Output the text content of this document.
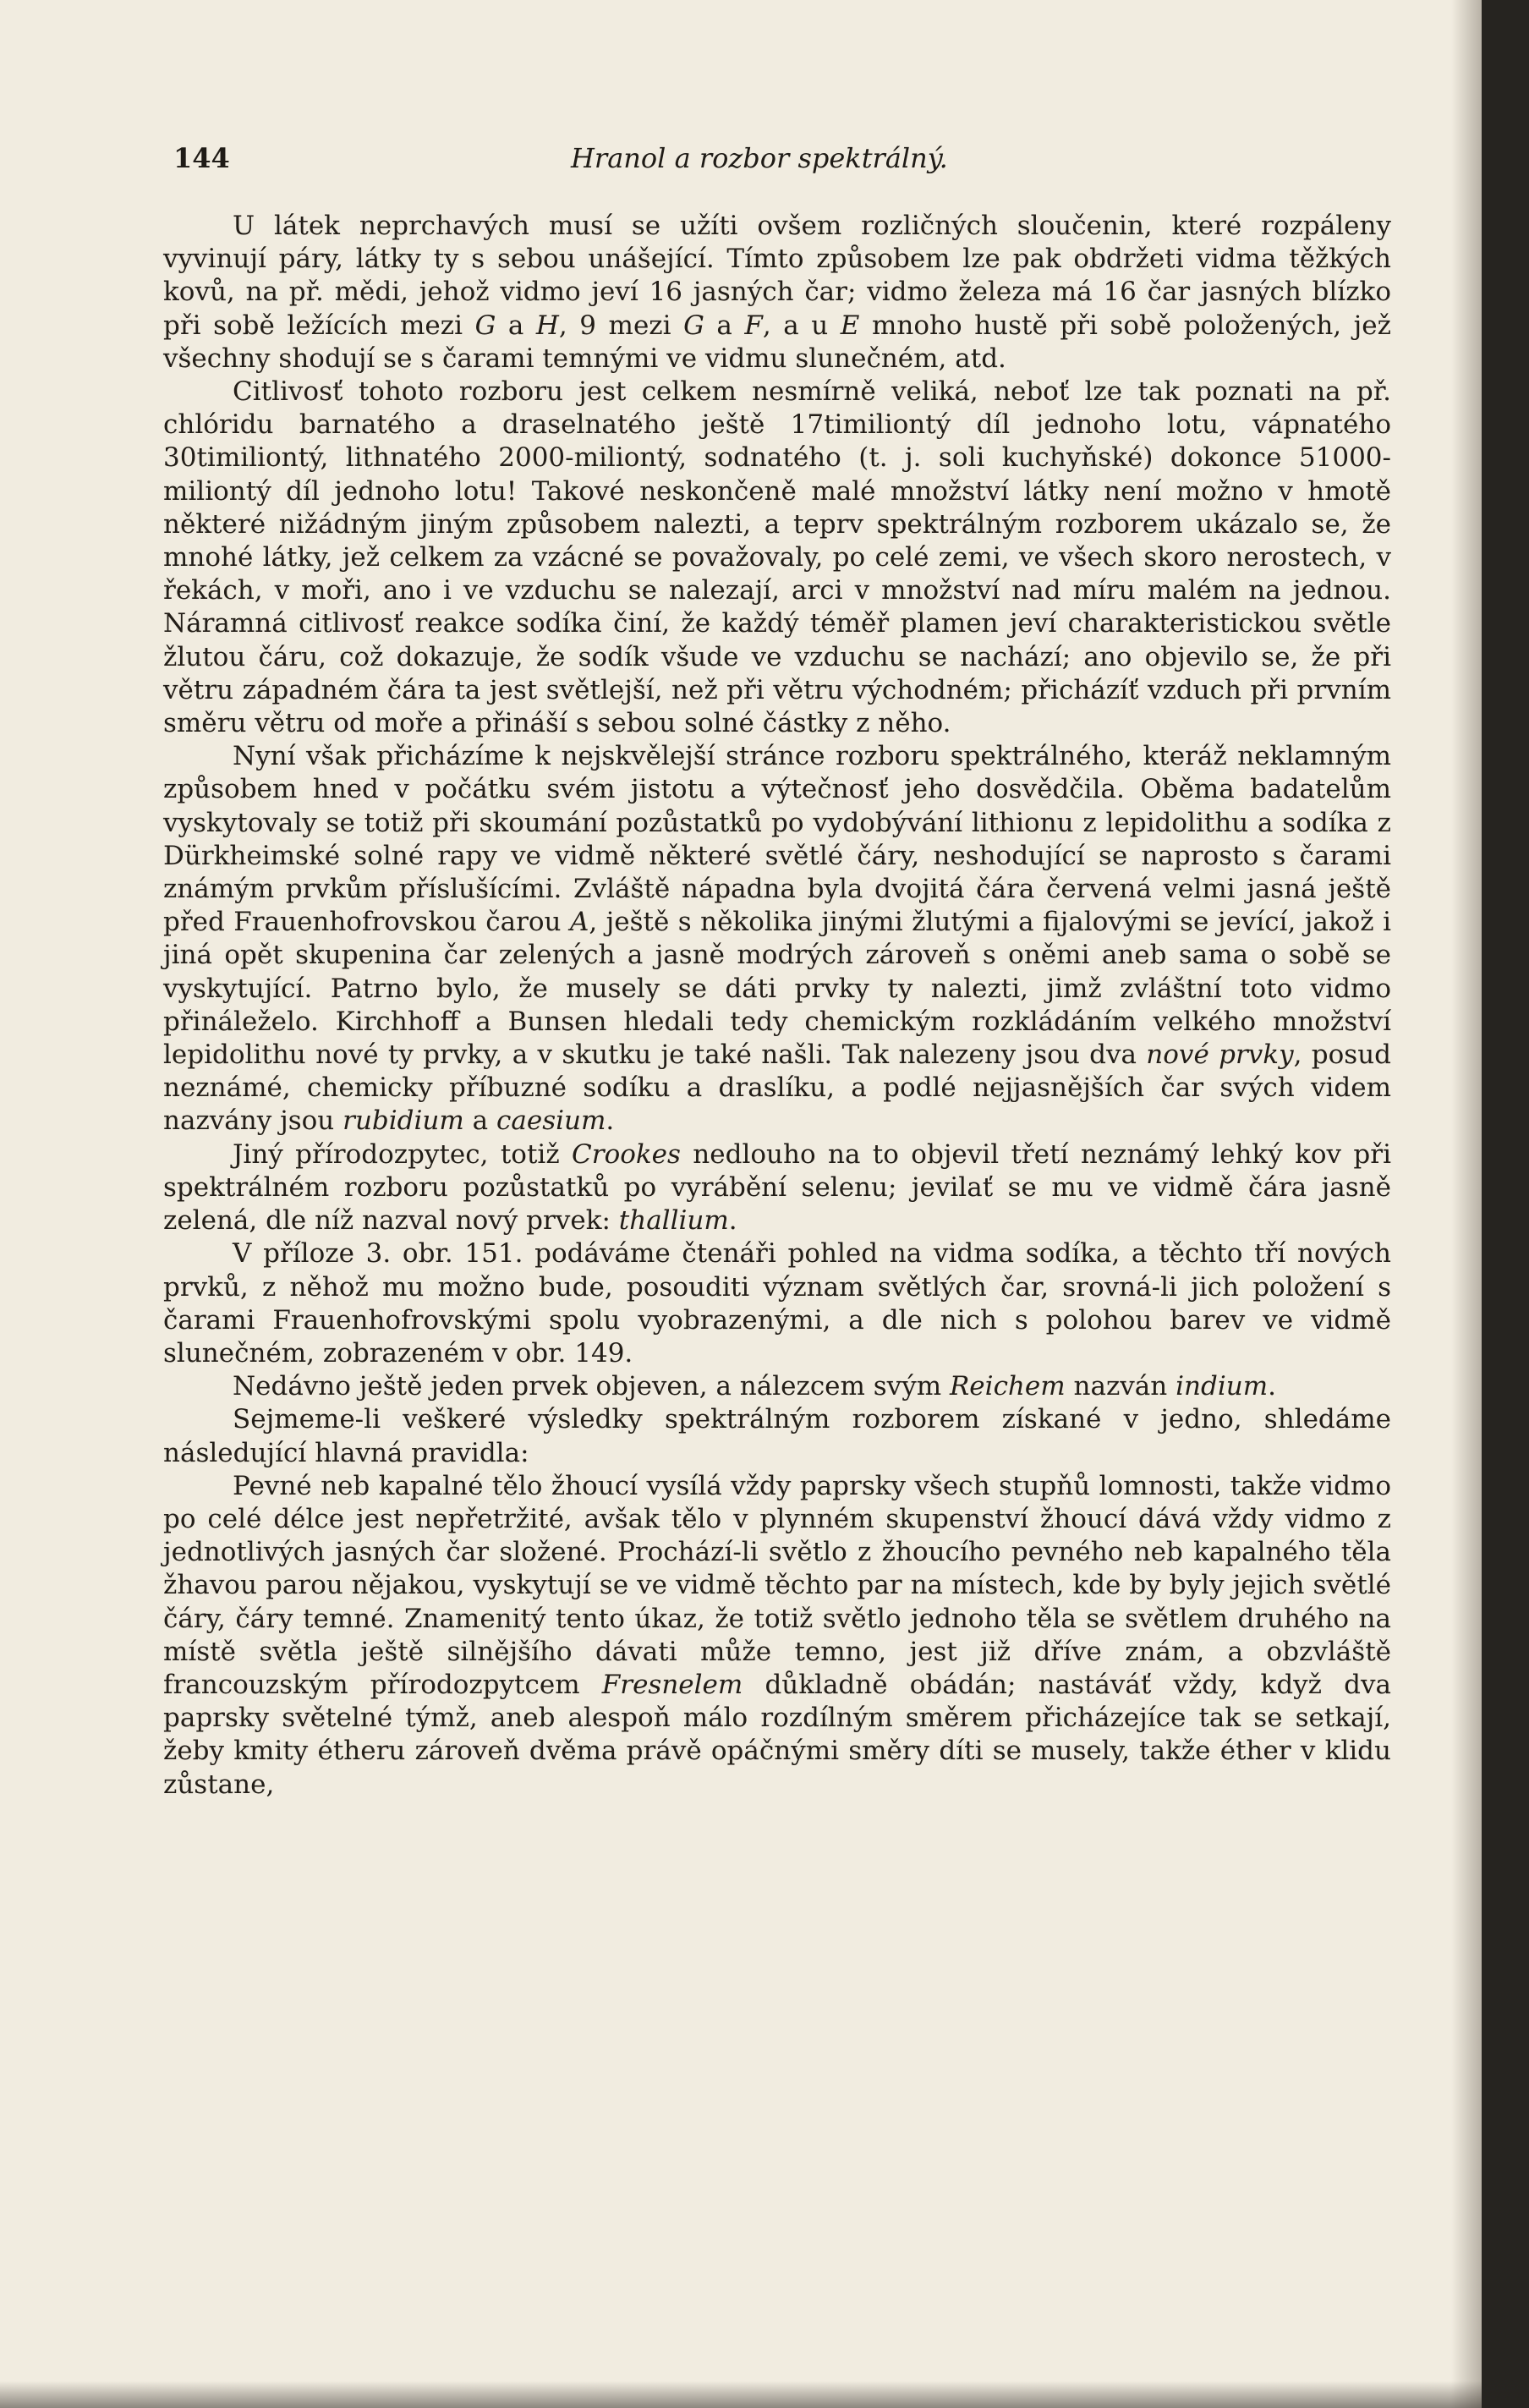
144	Hranol a rozbor spektrálný.

U látek neprchavých musí se užíti ovšem rozličných sloučenin, které rozpáleny vyvinují páry, látky ty s sebou unášející. Tímto způsobem lze pak obdržeti vidma těžkých kovů, na př. mědi, jehož vidmo jeví 16 jasných čar; vidmo železa má 16 čar jasných blízko při sobě ležících mezi G a H, 9 mezi G a F, a u E mnoho hustě při sobě položených, jež všechny shodují se s čarami temnými ve vidmu slunečném, atd.

Citlivosť tohoto rozboru jest celkem nesmírně veliká, neboť lze tak poznati na př. chlóridu barnatého a draselnatého ještě 17timiliontý díl jednoho lotu, vápnatého 30timiliontý, lithnatého 2000-miliontý, sodnatého (t. j. soli kuchyňské) dokonce 51000-miliontý díl jednoho lotu! Takové neskončeně malé množství látky není možno v hmotě některé nižádným jiným způsobem nalezti, a teprv spektrálným rozborem ukázalo se, že mnohé látky, jež celkem za vzácné se považovaly, po celé zemi, ve všech skoro nerostech, v řekách, v moři, ano i ve vzduchu se nalezají, arci v množství nad míru malém na jednou. Náramná citlivosť reakce sodíka činí, že každý téměř plamen jeví charakteristickou světle žlutou čáru, což dokazuje, že sodík všude ve vzduchu se nachází; ano objevilo se, že při větru západném čára ta jest světlejší, než při větru východném; přicházíť vzduch při prvním směru větru od moře a přináší s sebou solné částky z něho.

Nyní však přicházíme k nejskvělejší stránce rozboru spektrálného, kteráž neklamným způsobem hned v počátku svém jistotu a výtečnosť jeho dosvědčila. Oběma badatelům vyskytovaly se totiž při skoumání pozůstatků po vydobývání lithionu z lepidolithu a sodíka z Dürkheimské solné rapy ve vidmě některé světlé čáry, neshodující se naprosto s čarami známým prvkům příslušícími. Zvláště nápadna byla dvojitá čára červená velmi jasná ještě před Frauenhofrovskou čarou A, ještě s několika jinými žlutými a fijalovými se jevící, jakož i jiná opět skupenina čar zelených a jasně modrých zároveň s oněmi aneb sama o sobě se vyskytující. Patrno bylo, že musely se dáti prvky ty nalezti, jimž zvláštní toto vidmo přináleželo. Kirchhoff a Bunsen hledali tedy chemickým rozkládáním velkého množství lepidolithu nové ty prvky, a v skutku je také našli. Tak nalezeny jsou dva nové prvky, posud neznámé, chemicky příbuzné sodíku a draslíku, a podlé nejjasnějších čar svých videm nazvány jsou rubidium a caesium.

Jiný přírodozpytec, totiž Crookes nedlouho na to objevil třetí neznámý lehký kov při spektrálném rozboru pozůstatků po vyrábění selenu; jevilať se mu ve vidmě čára jasně zelená, dle níž nazval nový prvek: thallium.

V příloze 3. obr. 151. podáváme čtenáři pohled na vidma sodíka, a těchto tří nových prvků, z něhož mu možno bude, posouditi význam světlých čar, srovná-li jich položení s čarami Frauenhofrovskými spolu vyobrazenými, a dle nich s polohou barev ve vidmě slunečném, zobrazeném v obr. 149.

Nedávno ještě jeden prvek objeven, a nálezcem svým Reichem nazván indium.

Sejmeme-li veškeré výsledky spektrálným rozborem získané v jedno, shledáme následující hlavná pravidla:

Pevné neb kapalné tělo žhoucí vysílá vždy paprsky všech stupňů lomnosti, takže vidmo po celé délce jest nepřetržité, avšak tělo v plynném skupenství žhoucí dává vždy vidmo z jednotlivých jasných čar složené. Prochází-li světlo z žhoucího pevného neb kapalného těla žhavou parou nějakou, vyskytují se ve vidmě těchto par na místech, kde by byly jejich světlé čáry, čáry temné. Znamenitý tento úkaz, že totiž světlo jednoho těla se světlem druhého na místě světla ještě silnějšího dávati může temno, jest již dříve znám, a obzvláště francouzským přírodozpytcem Fresnelem důkladně obádán; nastáváť vždy, když dva paprsky světelné týmž, aneb alespoň málo rozdílným směrem přicházejíce tak se setkají, žeby kmity étheru zároveň dvěma právě opáčnými směry díti se musely, takže éther v klidu zůstane,
